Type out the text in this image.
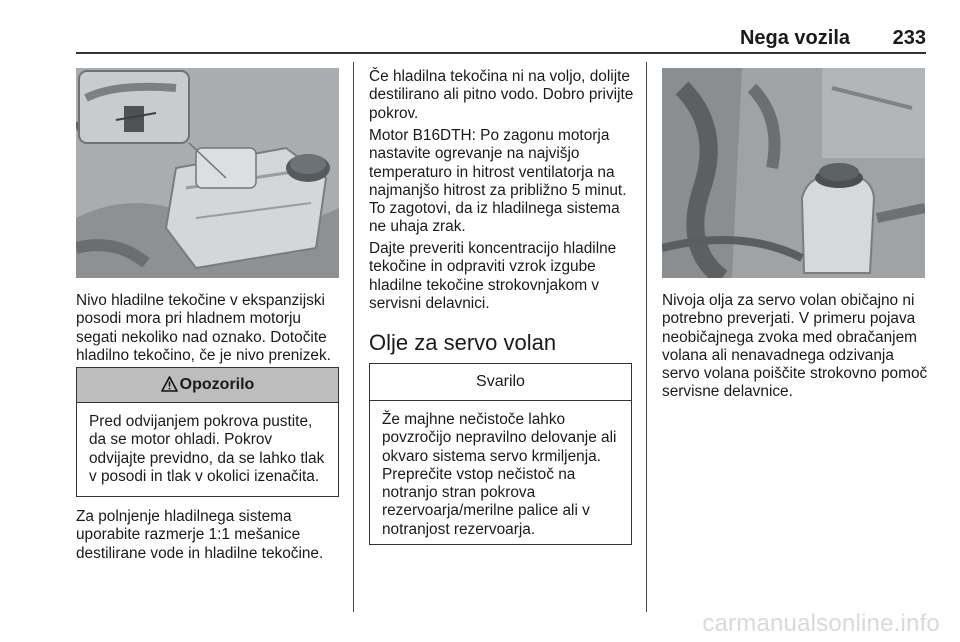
Nega vozila	233

Nivo hladilne tekočine v ekspanzijski posodi mora pri hladnem motorju segati nekoliko nad oznako. Dotočite hladilno tekočino, če je nivo prenizek.

Opozorilo
Pred odvijanjem pokrova pustite, da se motor ohladi. Pokrov odvijajte previdno, da se lahko tlak v posodi in tlak v okolici izenačita.

Za polnjenje hladilnega sistema uporabite razmerje 1:1 mešanice destilirane vode in hladilne tekočine.

Če hladilna tekočina ni na voljo, dolijte destilirano ali pitno vodo. Dobro privijte pokrov.

Motor B16DTH: Po zagonu motorja nastavite ogrevanje na najvišjo temperaturo in hitrost ventilatorja na najmanjšo hitrost za približno 5 minut. To zagotovi, da iz hladilnega sistema ne uhaja zrak.

Dajte preveriti koncentracijo hladilne tekočine in odpraviti vzrok izgube hladilne tekočine strokovnjakom v servisni delavnici.

Olje za servo volan
Svarilo
Že majhne nečistoče lahko povzročijo nepravilno delovanje ali okvaro sistema servo krmiljenja. Preprečite vstop nečistoč na notranjo stran pokrova rezervoarja/merilne palice ali v notranjost rezervoarja.

Nivoja olja za servo volan običajno ni potrebno preverjati. V primeru pojava neobičajnega zvoka med obračanjem volana ali nenavadnega odzivanja servo volana poiščite strokovno pomoč servisne delavnice.

carmanualsonline.info
